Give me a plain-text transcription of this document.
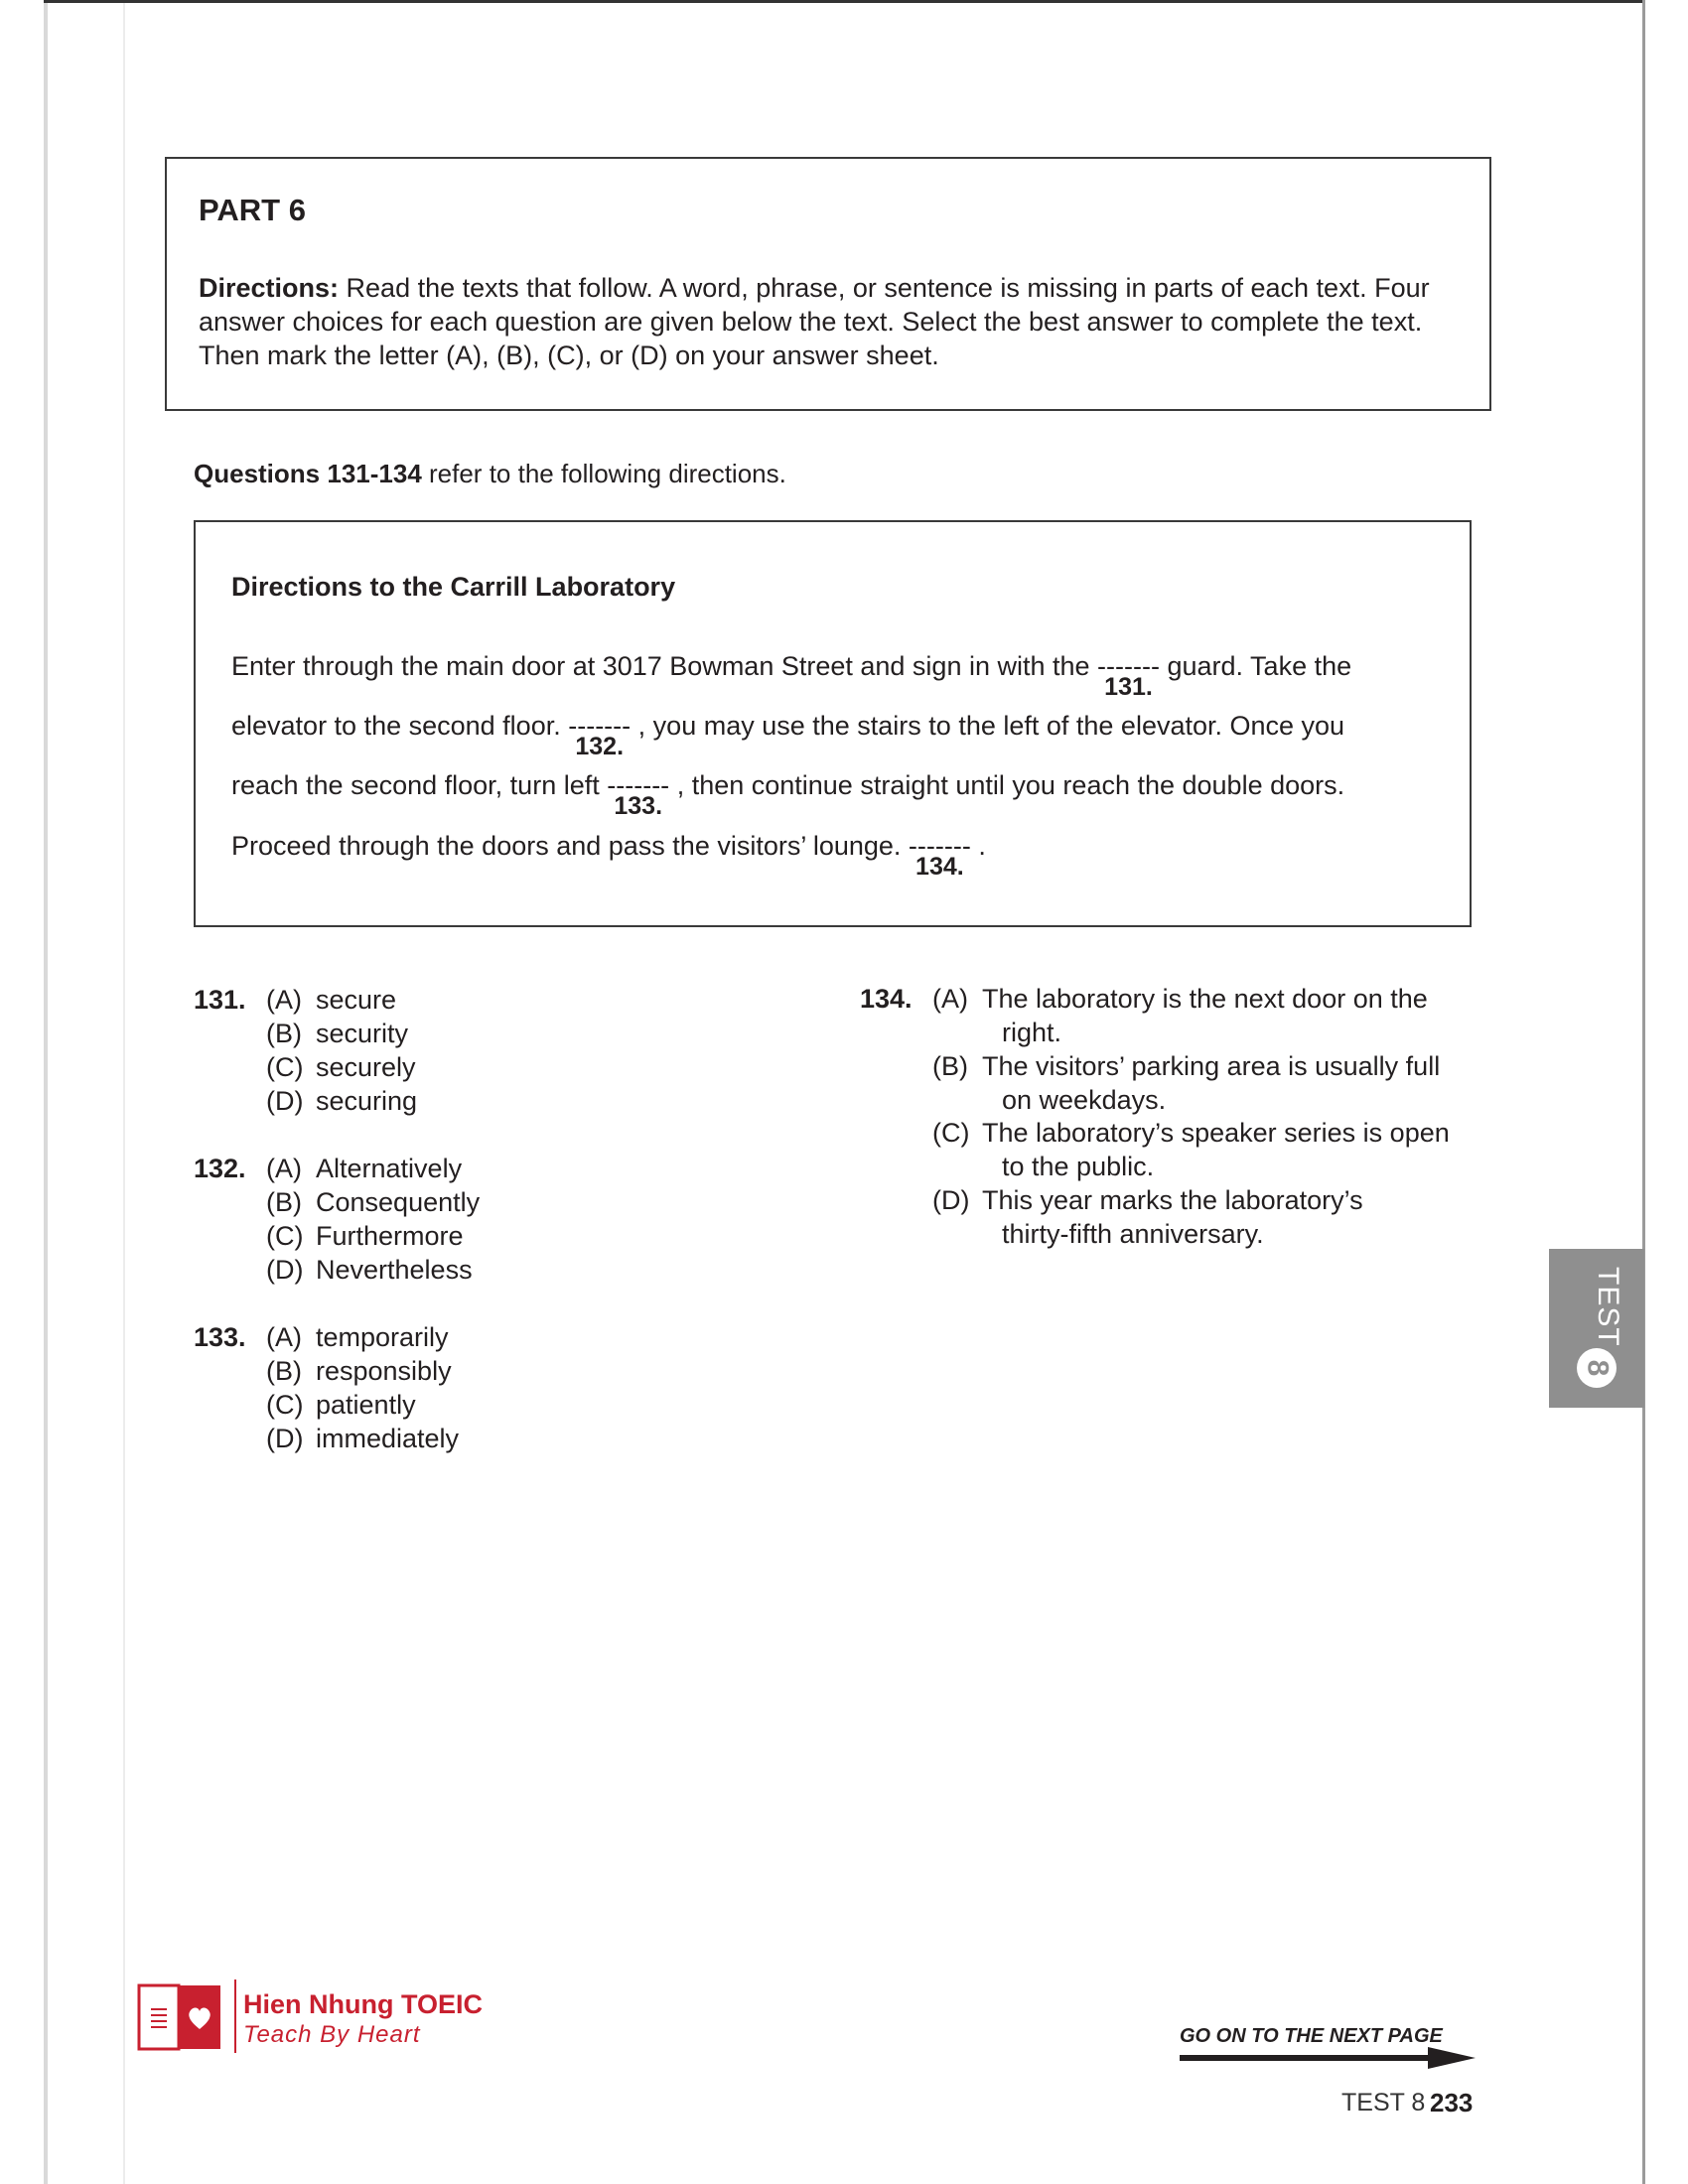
PART 6

Directions: Read the texts that follow. A word, phrase, or sentence is missing in parts of each text. Four answer choices for each question are given below the text. Select the best answer to complete the text. Then mark the letter (A), (B), (C), or (D) on your answer sheet.

Questions 131-134 refer to the following directions.

Directions to the Carrill Laboratory

Enter through the main door at 3017 Bowman Street and sign in with the -------
131.
guard. Take the
elevator to the second floor. -------
132.
, you may use the stairs to the left of the elevator. Once you
reach the second floor, turn left -------
133.
, then continue straight until you reach the double doors.
Proceed through the doors and pass the visitors’ lounge. -------
134.
.
131. (A) secure
(B) security
(C) securely
(D) securing
132. (A) Alternatively
(B) Consequently
(C) Furthermore
(D) Nevertheless
133. (A) temporarily
(B) responsibly
(C) patiently
(D) immediately
134. (A) The laboratory is the next door on the
right.
(B) The visitors’ parking area is usually full
on weekdays.
(C) The laboratory’s speaker series is open
to the public.
(D) This year marks the laboratory’s
thirty-fifth anniversary.
TEST
8

Hien Nhung TOEIC

Teach By Heart	GO ON TO THE NEXT PAGE
TEST 8 233
